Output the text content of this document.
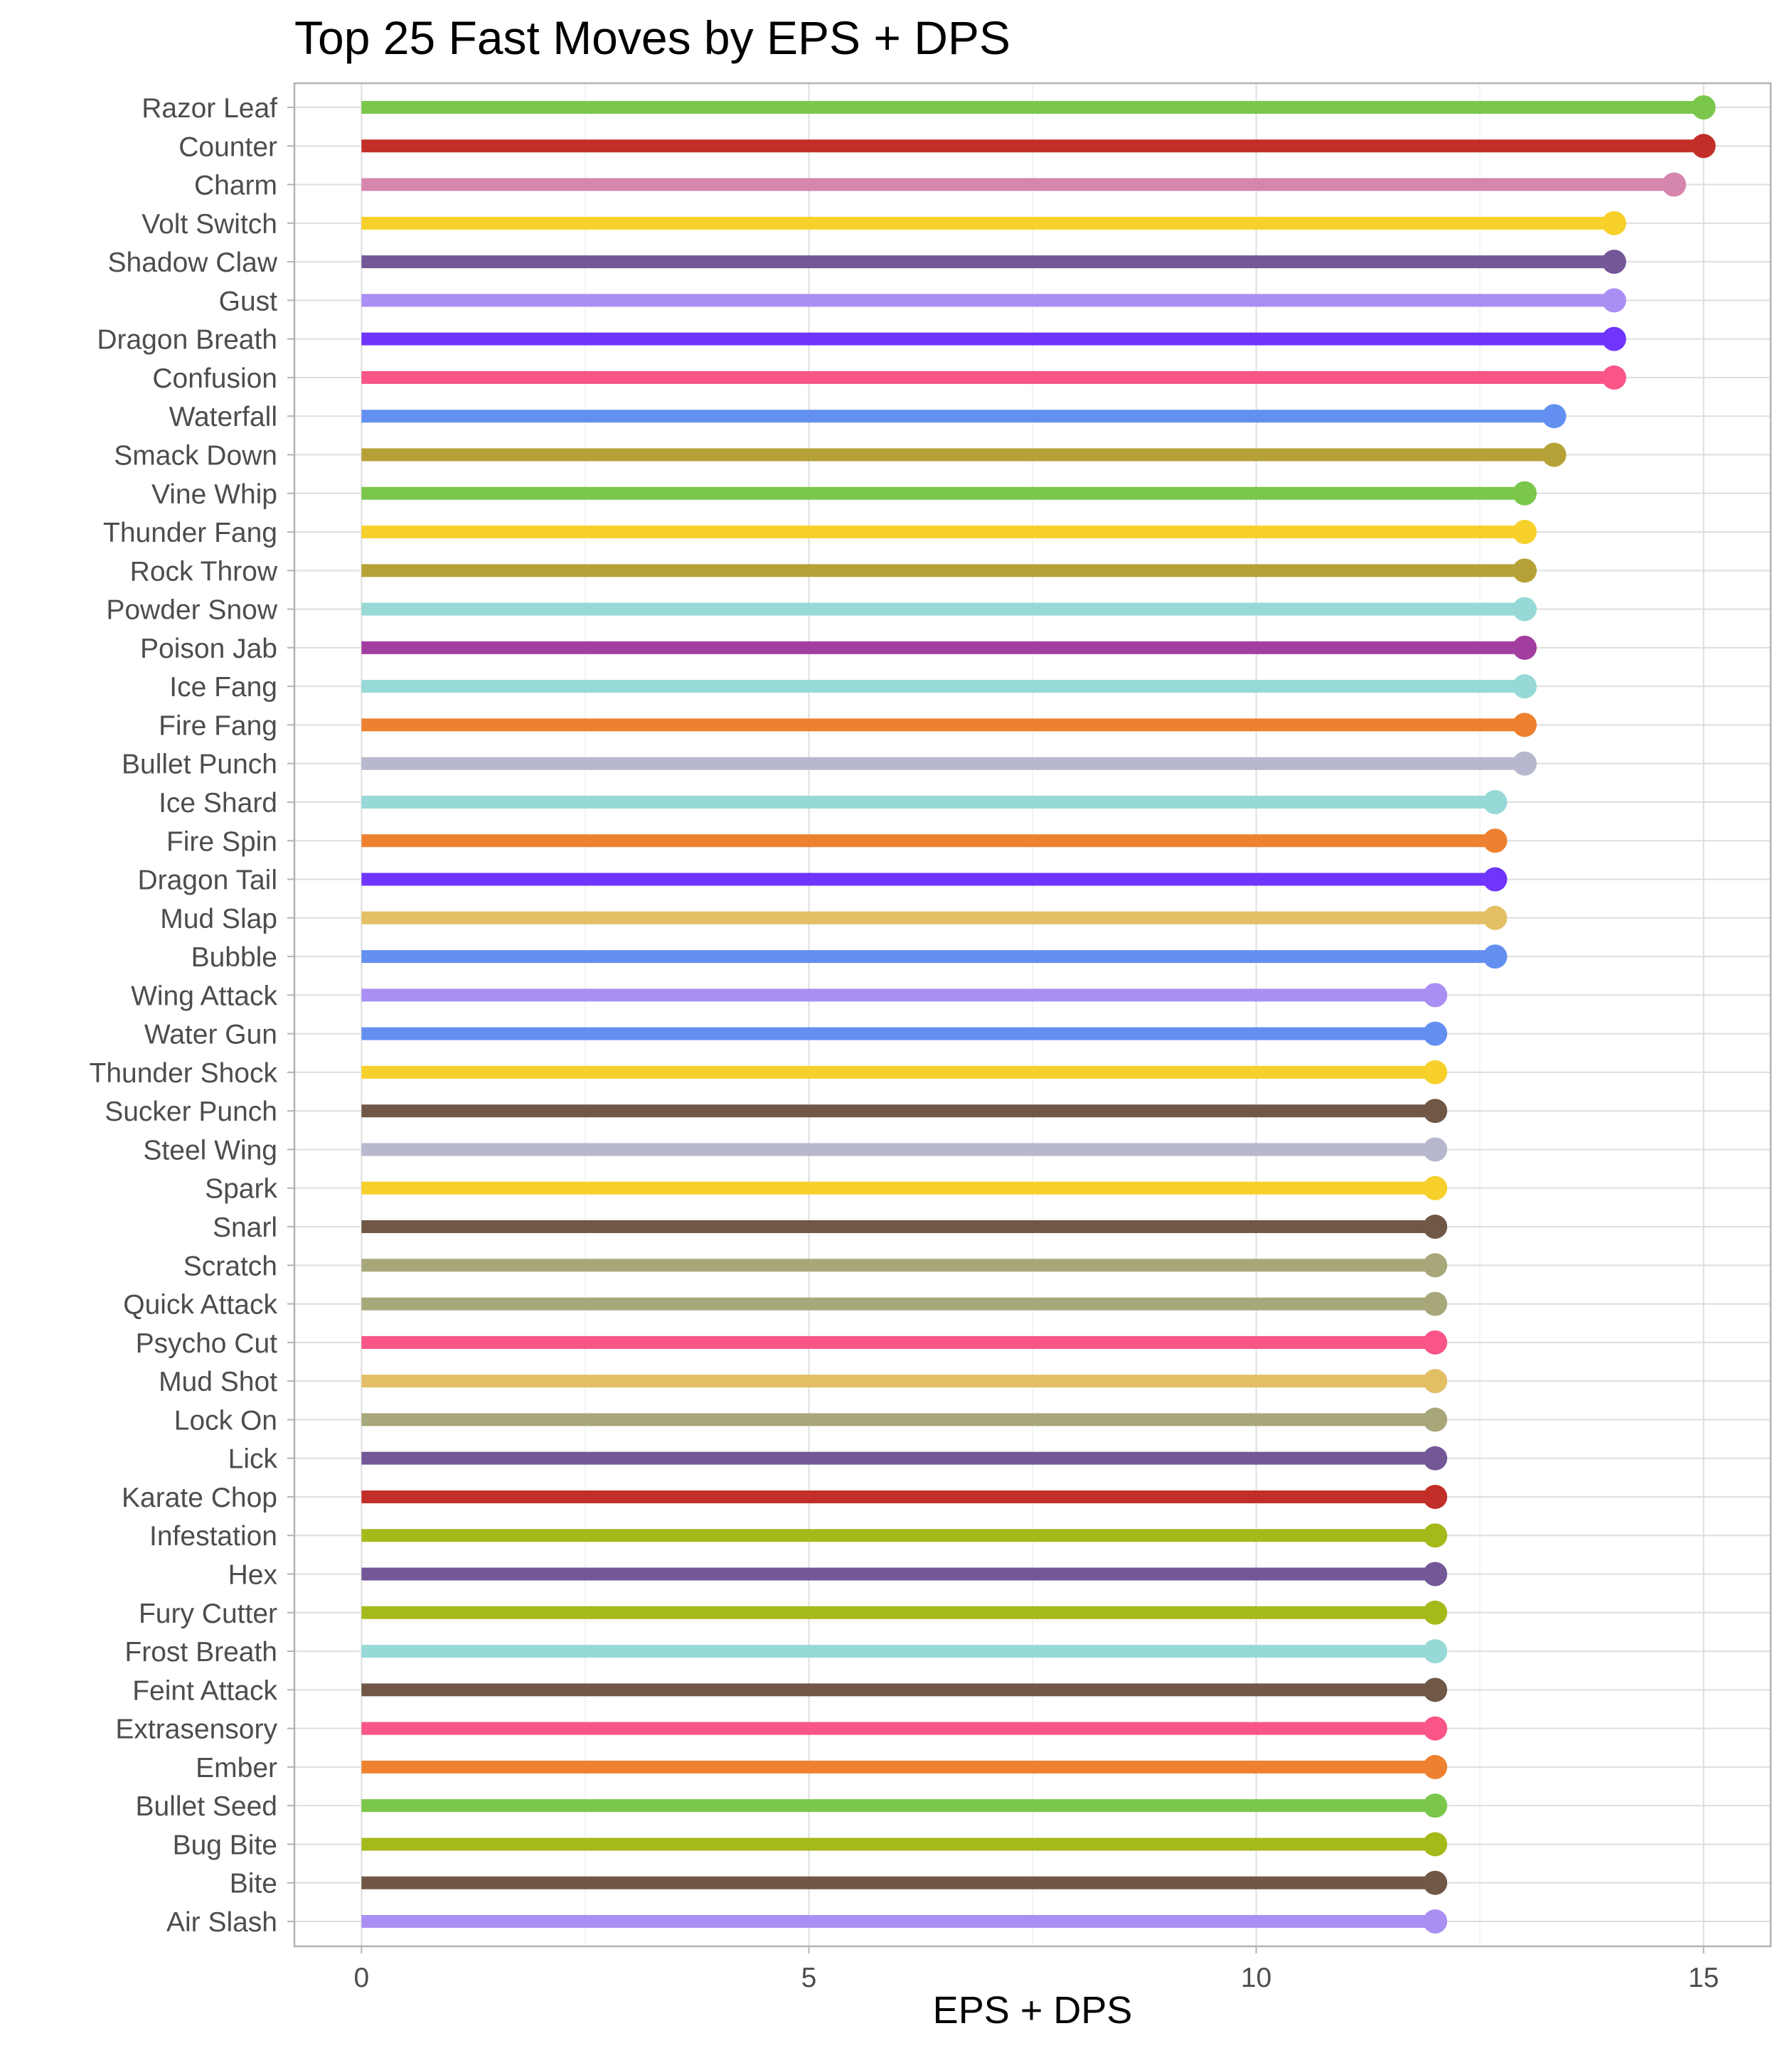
Razor Leaf
Counter
Charm
Volt Switch
Shadow Claw
Gust
Dragon Breath
Confusion
Waterfall
Smack Down
Vine Whip
Thunder Fang
Rock Throw
Powder Snow
Poison Jab
Ice Fang
Fire Fang
Bullet Punch
Ice Shard
Fire Spin
Dragon Tail
Mud Slap
Bubble
Wing Attack
Water Gun
Thunder Shock
Sucker Punch
Steel Wing
Spark
Snarl
Scratch
Quick Attack
Psycho Cut
Mud Shot
Lock On
Lick
Karate Chop
Infestation
Hex
Fury Cutter
Frost Breath
Feint Attack
Extrasensory
Ember
Bullet Seed
Bug Bite
Bite
Air Slash
0	5	10	15
Top 25 Fast Moves by EPS + DPS
EPS + DPS
